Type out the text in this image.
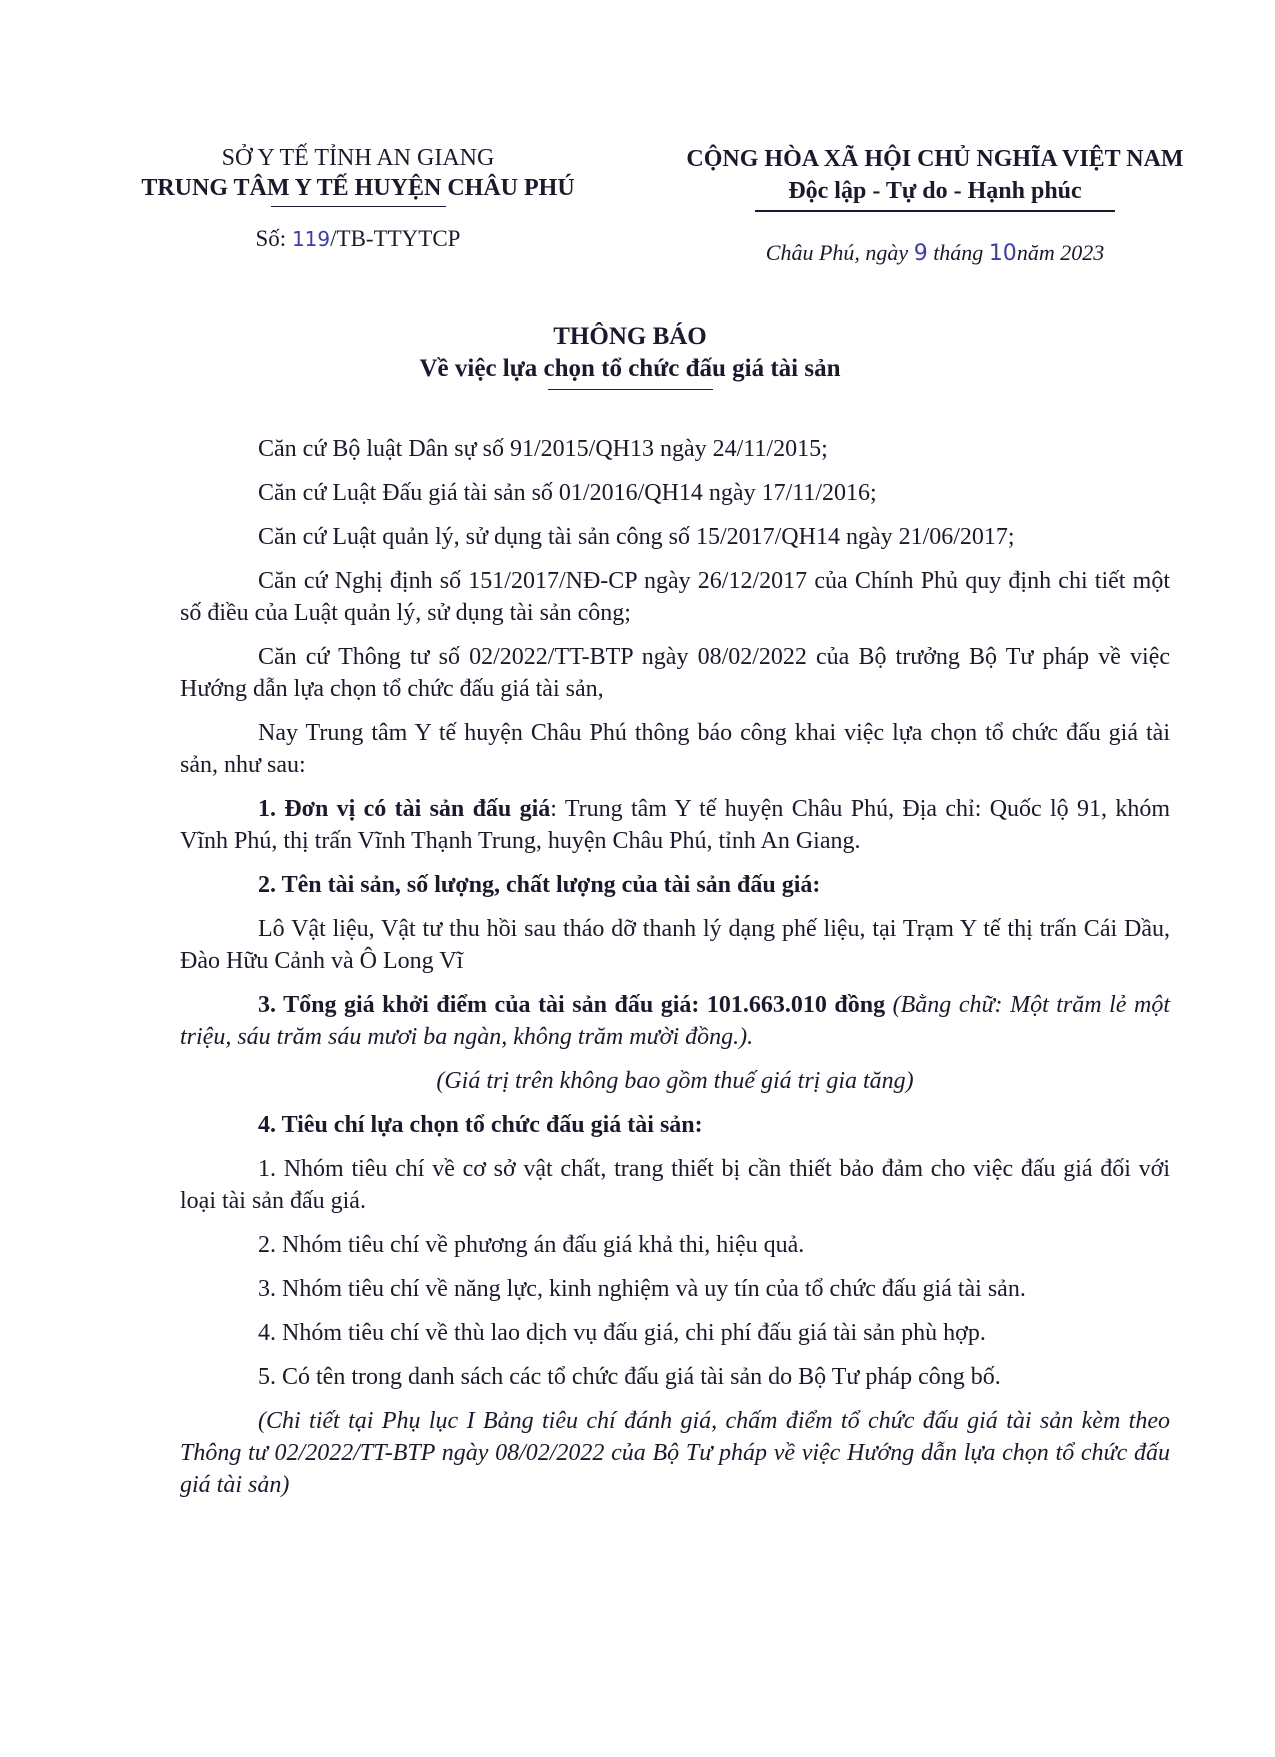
SỞ Y TẾ TỈNH AN GIANG
TRUNG TÂM Y TẾ HUYỆN CHÂU PHÚ
Số: 119/TB-TTYTCP
CỘNG HÒA XÃ HỘI CHỦ NGHĨA VIỆT NAM
Độc lập - Tự do - Hạnh phúc
Châu Phú, ngày 9 tháng 10năm 2023
THÔNG BÁO
Về việc lựa chọn tổ chức đấu giá tài sản

Căn cứ Bộ luật Dân sự số 91/2015/QH13 ngày 24/11/2015;

Căn cứ Luật Đấu giá tài sản số 01/2016/QH14 ngày 17/11/2016;

Căn cứ Luật quản lý, sử dụng tài sản công số 15/2017/QH14 ngày 21/06/2017;

Căn cứ Nghị định số 151/2017/NĐ-CP ngày 26/12/2017 của Chính Phủ quy định chi tiết một số điều của Luật quản lý, sử dụng tài sản công;

Căn cứ Thông tư số 02/2022/TT-BTP ngày 08/02/2022 của Bộ trưởng Bộ Tư pháp về việc Hướng dẫn lựa chọn tổ chức đấu giá tài sản,

Nay Trung tâm Y tế huyện Châu Phú thông báo công khai việc lựa chọn tổ chức đấu giá tài sản, như sau:

1. Đơn vị có tài sản đấu giá: Trung tâm Y tế huyện Châu Phú, Địa chỉ: Quốc lộ 91, khóm Vĩnh Phú, thị trấn Vĩnh Thạnh Trung, huyện Châu Phú, tỉnh An Giang.

2. Tên tài sản, số lượng, chất lượng của tài sản đấu giá:

Lô Vật liệu, Vật tư thu hồi sau tháo dỡ thanh lý dạng phế liệu, tại Trạm Y tế thị trấn Cái Dầu, Đào Hữu Cảnh và Ô Long Vĩ

3. Tổng giá khởi điểm của tài sản đấu giá: 101.663.010 đồng (Bằng chữ: Một trăm lẻ một triệu, sáu trăm sáu mươi ba ngàn, không trăm mười đồng.).

(Giá trị trên không bao gồm thuế giá trị gia tăng)

4. Tiêu chí lựa chọn tổ chức đấu giá tài sản:

1. Nhóm tiêu chí về cơ sở vật chất, trang thiết bị cần thiết bảo đảm cho việc đấu giá đối với loại tài sản đấu giá.

2. Nhóm tiêu chí về phương án đấu giá khả thi, hiệu quả.

3. Nhóm tiêu chí về năng lực, kinh nghiệm và uy tín của tổ chức đấu giá tài sản.

4. Nhóm tiêu chí về thù lao dịch vụ đấu giá, chi phí đấu giá tài sản phù hợp.

5. Có tên trong danh sách các tổ chức đấu giá tài sản do Bộ Tư pháp công bố.

(Chi tiết tại Phụ lục I Bảng tiêu chí đánh giá, chấm điểm tổ chức đấu giá tài sản kèm theo Thông tư 02/2022/TT-BTP ngày 08/02/2022 của Bộ Tư pháp về việc Hướng dẫn lựa chọn tổ chức đấu giá tài sản)
